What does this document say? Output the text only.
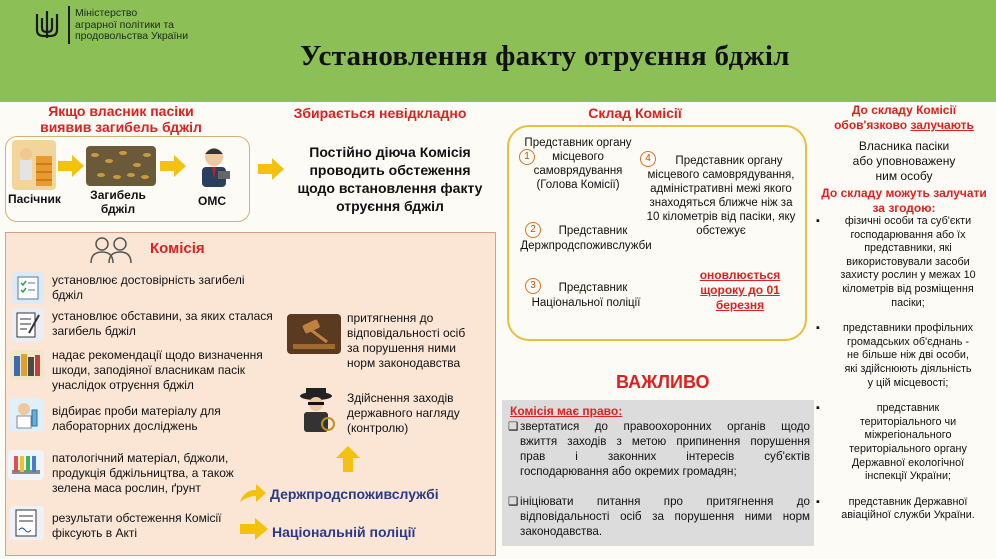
Міністерство
аграрної політики та
продовольства України
Установлення факту отруєння бджіл
Якщо власник пасіки
виявив загибель бджіл
Пасічник Загибель
бджіл
ОМС
Збирається невідкладно
Постійно діюча Комісія
проводить обстеження
щодо встановлення факту
отруєння бджіл
Склад Комісії
Представник органу
місцевого
самоврядування
(Голова Комісії)
1	4	Представник органу
місцевого самоврядування,
адміністративні межі якого
знаходяться ближче ніж за
10 кілометрів від пасіки, яку
обстежує
2	Представник
Держпродспоживслужби
3	Представник
Національної поліції
оновлюється
щороку до 01
березня
До складу Комісії
обов'язково залучають
Власника пасіки
або уповноважену
ним особу
До складу можуть залучати
за згодою:
▪	фізичні особи та суб'єкти
господарювання або їх
представники, які
використовували засоби
захисту рослин у межах 10
кілометрів від розміщення
пасіки;
▪	представники профільних
громадських об'єднань -
не більше ніж дві особи,
які здійснюють діяльність
у цій місцевості;
▪	представник
територіального чи
міжрегіонального
територіального органу
Державної екологічної
інспекції України;
▪	представник Державної
авіаційної служби України.
Комісія
установлює достовірність загибелі
бджіл
установлює обставини, за яких сталася
загибель бджіл
надає рекомендації щодо визначення
шкоди, заподіяної власникам пасік
унаслідок отруєння бджіл
відбирає проби матеріалу для
лабораторних досліджень
патологічний матеріал, бджоли,
продукція бджільництва, а також
зелена маса рослин, ґрунт
результати обстеження Комісії
фіксують в Акті
притягнення до
відповідальності осіб
за порушення ними
норм законодавства
Здійснення заходів
державного нагляду
(контролю)
Держпродспоживслужбі
Національній поліції
ВАЖЛИВО
Комісія має право:
❑ звертатися до правоохоронних органів щодо
вжиття заходів з метою припинення порушення
прав і законних інтересів суб'єктів
господарювання або окремих громадян;
❑ ініціювати питання про притягнення до
відповідальності осіб за порушення ними норм
законодавства.
